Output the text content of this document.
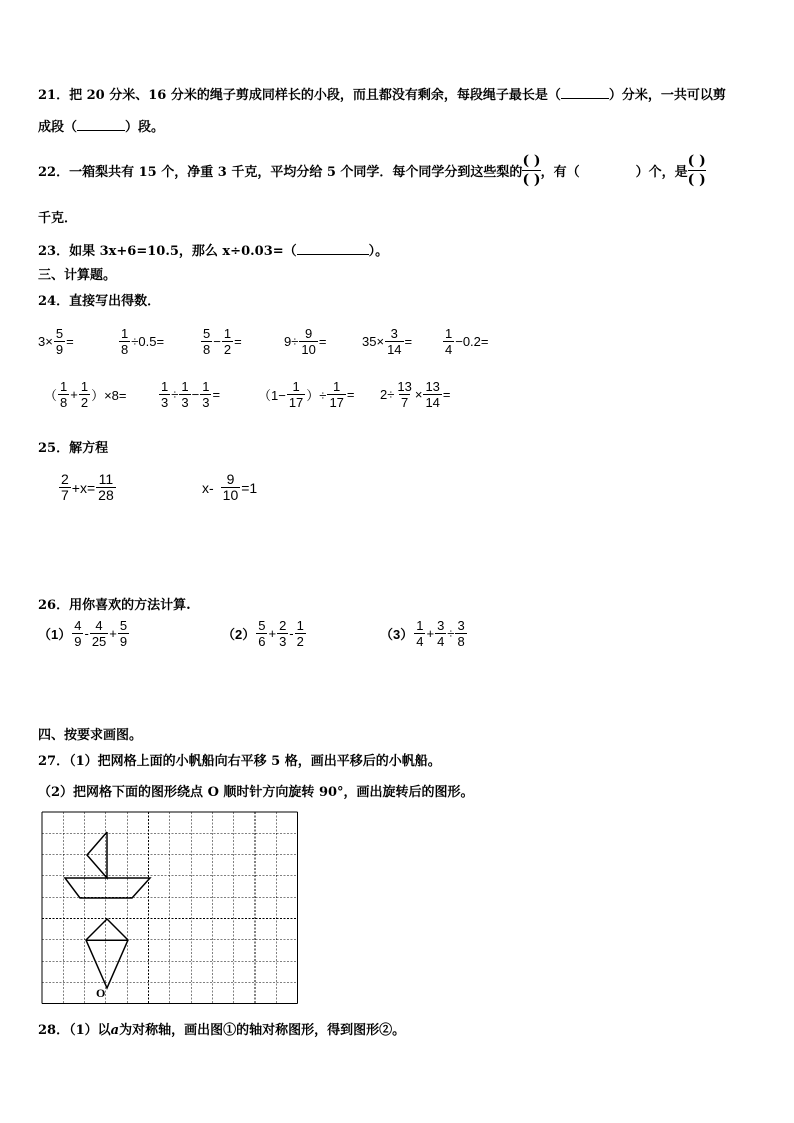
21．把 20 分米、16 分米的绳子剪成同样长的小段，而且都没有剩余，每段绳子最长是（	）分米，一共可以剪
成段（	）段。
22． 一箱梨共有 15 个，净重 3 千克，平均分给 5 个同学．每个同学分到这些梨的 $\frac{( )}{( )}$ ，有（	）个，是 $\frac{( )}{( )}$
千克．
23．如果 3x+6=10.5，那么 x÷0.03=（	）。
三、计算题。
24．直接写出得数．
$3\times \frac{5}{9}$ =	$\frac{1}{8} \div 0.5=$	$\frac{5}{8} - \frac{1}{2}$ =	$9\div \frac{9}{10}$ =	$35\times \frac{3}{14} = \frac{1}{4} -0.2=$
（ $\frac{1}{8} + \frac{1}{2} )\times 8=$	$\frac{1}{3} \div \frac{1}{3} - \frac{1}{3}$ =	（$1- \frac{1}{17}$ ）÷ $\frac{1}{17} = 2\div \frac{13}{7} \times \frac{13}{14}$ =
25．解方程
$\frac{2}{7} +x= \frac{11}{28}$	$x- \frac{9}{10} =1$
26．用你喜欢的方法计算.
$(1) \frac{4}{9} - \frac{4}{25} + \frac{5}{9}$	$(2) \frac{5}{6} + \frac{2}{3} - \frac{1}{2}$	$(3) \frac{1}{4} + \frac{3}{4} \div \frac{3}{8}$
四、按要求画图。
27．（1）把网格上面的小帆船向右平移 5 格，画出平移后的小帆船。
（2）把网格下面的图形绕点 O 顺时针方向旋转 90°，画出旋转后的图形。
O
28．（1）以a为对称轴，画出图①的轴对称图形，得到图形②。
